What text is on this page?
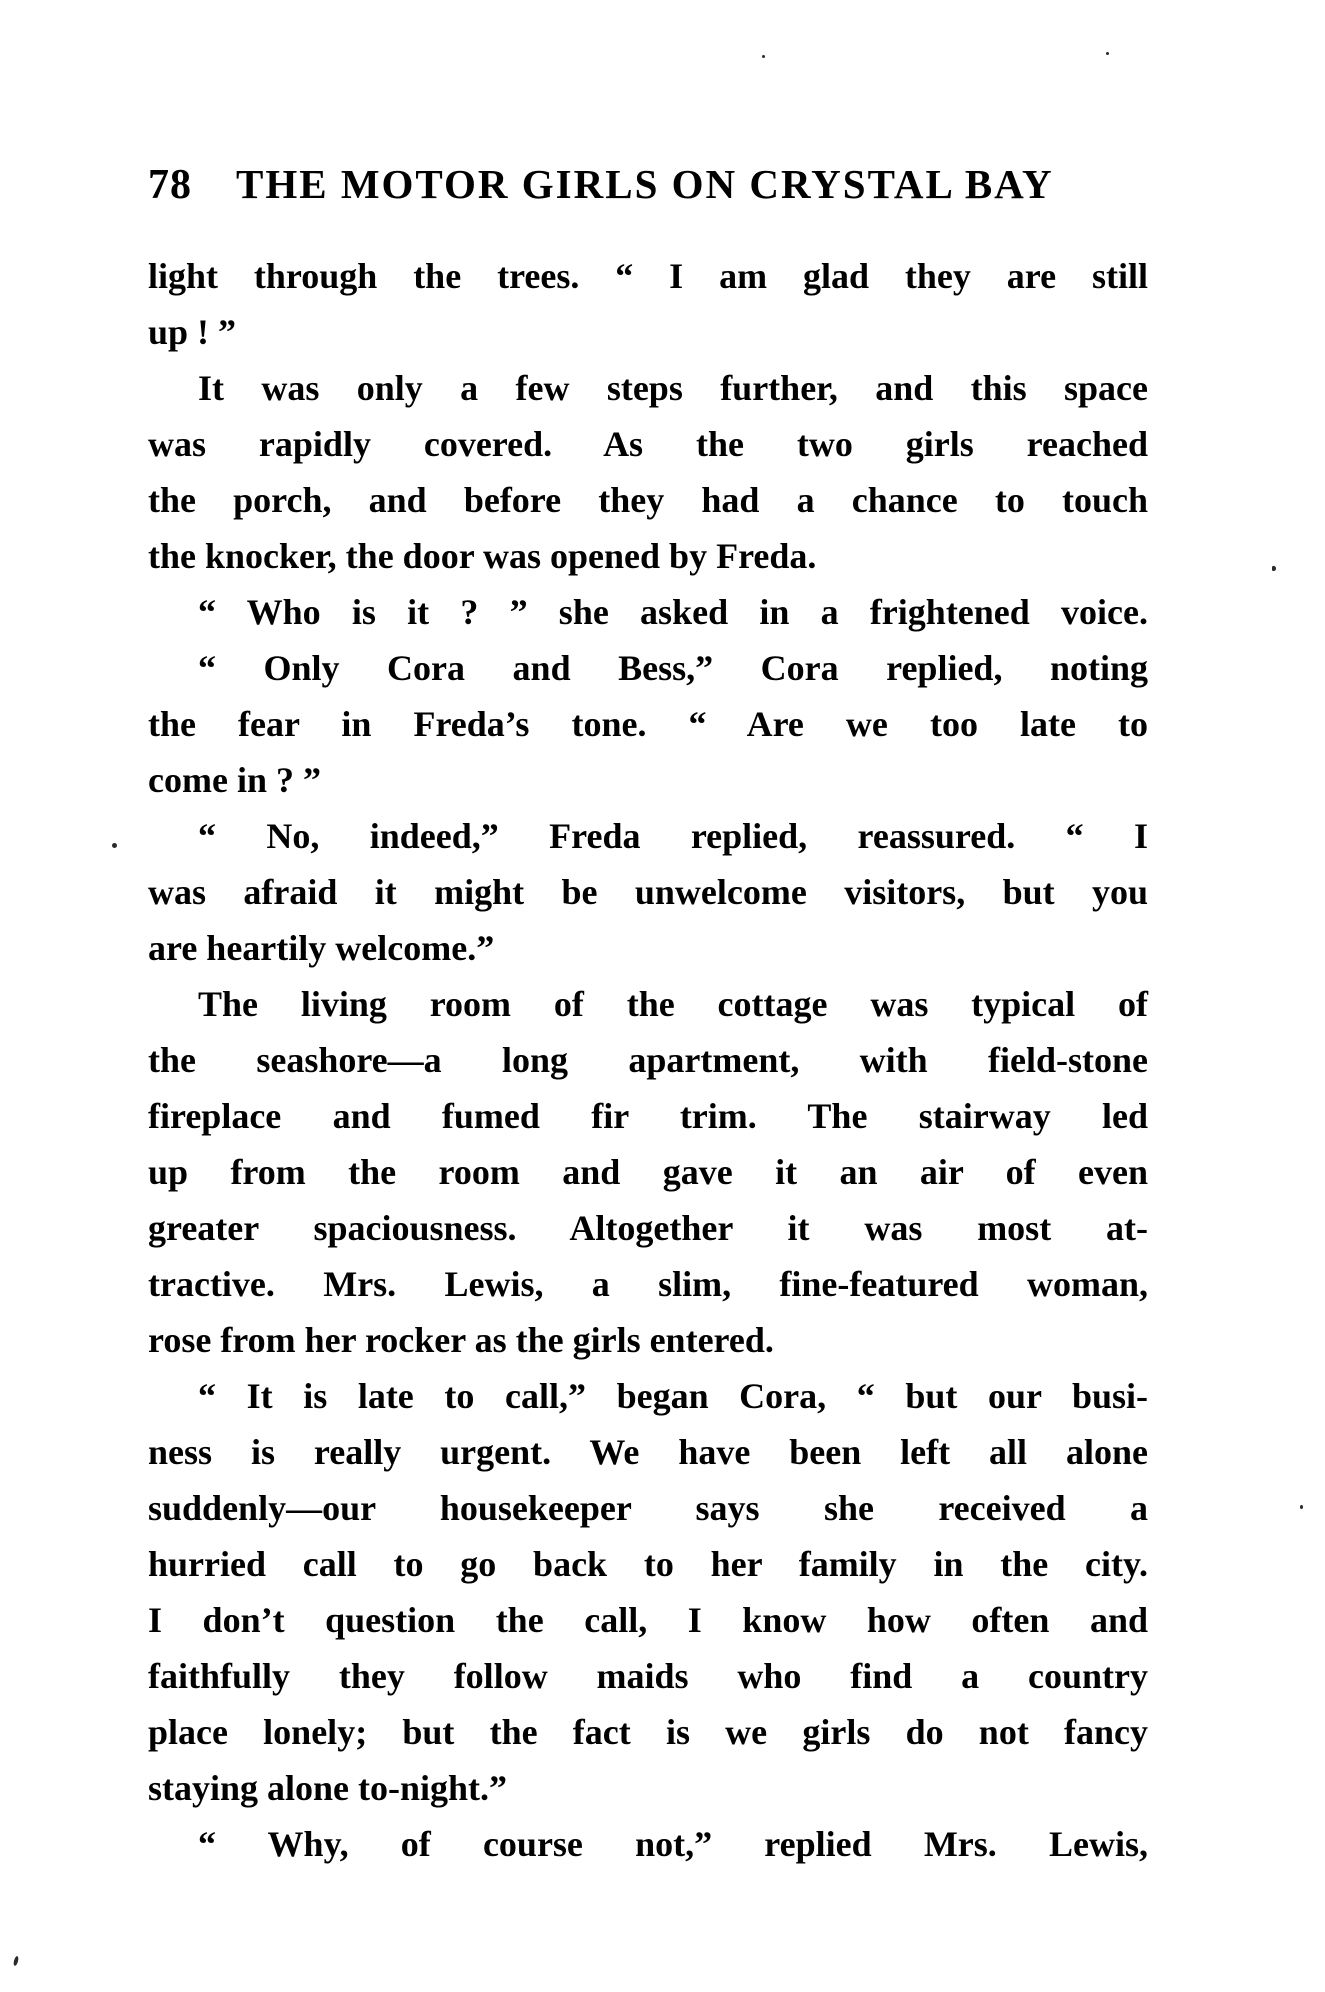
78 THE MOTOR GIRLS ON CRYSTAL BAY
light through the trees. “ I am glad they are still
up ! ”
It was only a few steps further, and this space
was rapidly covered. As the two girls reached
the porch, and before they had a chance to touch
the knocker, the door was opened by Freda.
“ Who is it ? ” she asked in a frightened voice.
“ Only Cora and Bess,” Cora replied, noting
the fear in Freda’s tone. “ Are we too late to
come in ? ”
“ No, indeed,” Freda replied, reassured. “ I
was afraid it might be unwelcome visitors, but you
are heartily welcome.”
The living room of the cottage was typical of
the seashore—a long apartment, with field-stone
fireplace and fumed fir trim. The stairway led
up from the room and gave it an air of even
greater spaciousness. Altogether it was most at-
tractive. Mrs. Lewis, a slim, fine-featured woman,
rose from her rocker as the girls entered.
“ It is late to call,” began Cora, “ but our busi-
ness is really urgent. We have been left all alone
suddenly—our housekeeper says she received a
hurried call to go back to her family in the city.
I don’t question the call, I know how often and
faithfully they follow maids who find a country
place lonely; but the fact is we girls do not fancy
staying alone to-night.”
“ Why, of course not,” replied Mrs. Lewis,
